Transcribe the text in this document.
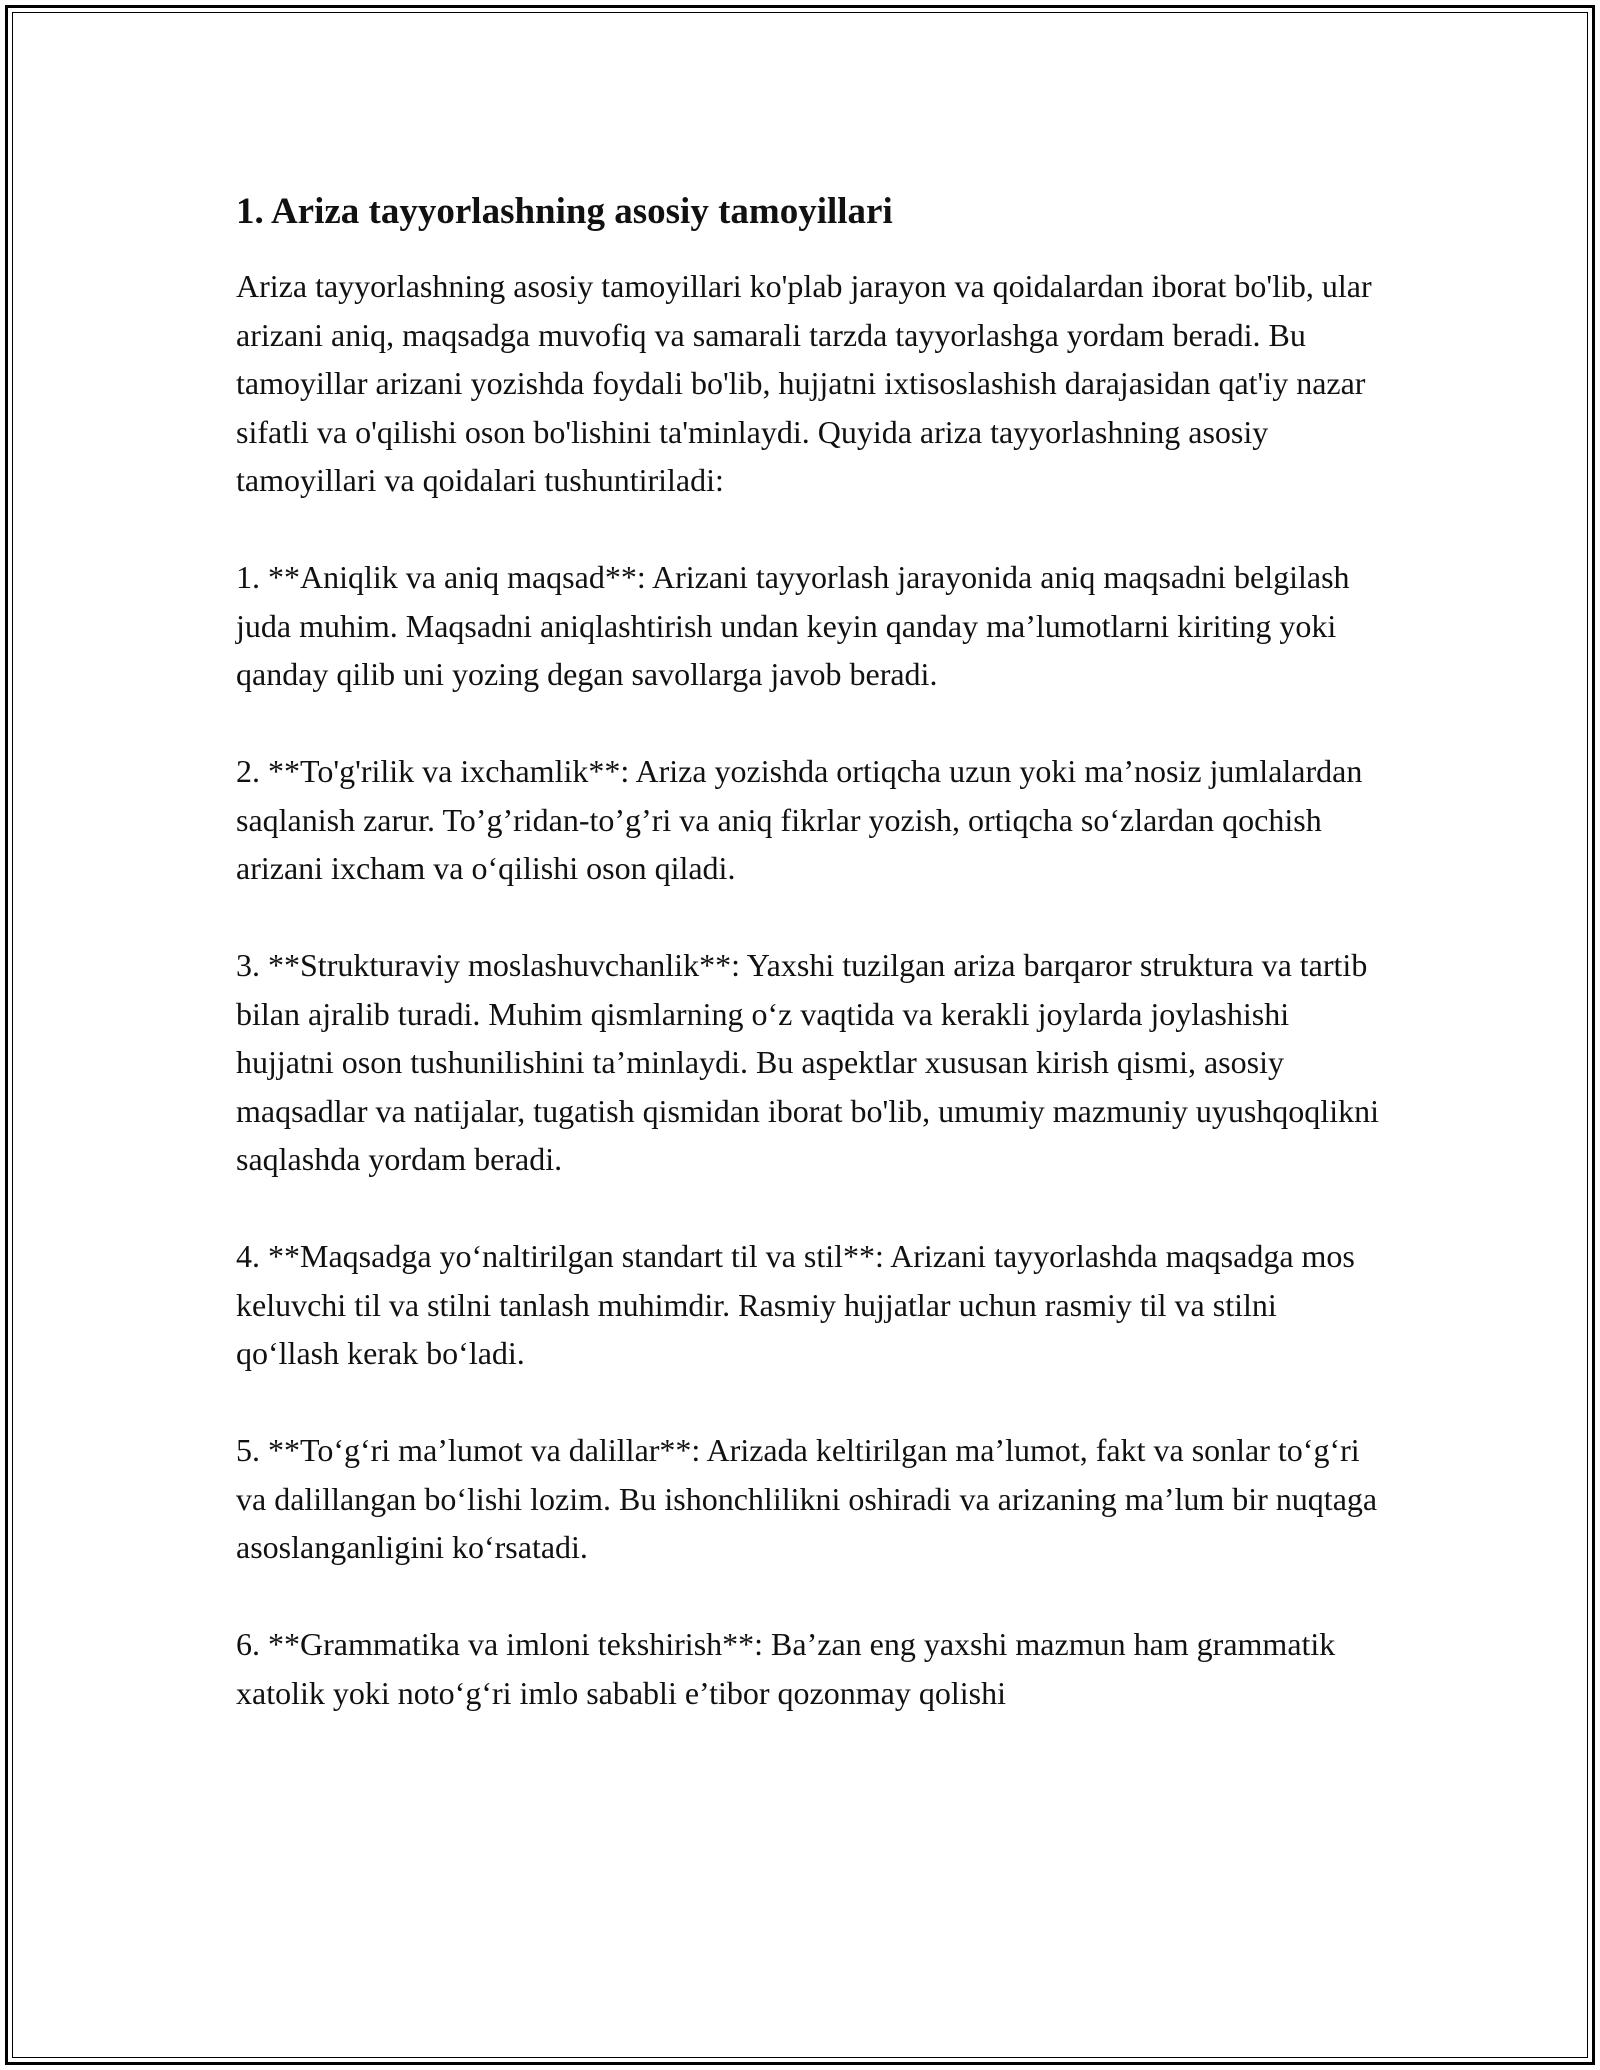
1. Ariza tayyorlashning asosiy tamoyillari

Ariza tayyorlashning asosiy tamoyillari ko'plab jarayon va qoidalardan iborat bo'lib, ular arizani aniq, maqsadga muvofiq va samarali tarzda tayyorlashga yordam beradi. Bu tamoyillar arizani yozishda foydali bo'lib, hujjatni ixtisoslashish darajasidan qat'iy nazar sifatli va o'qilishi oson bo'lishini ta'minlaydi. Quyida ariza tayyorlashning asosiy tamoyillari va qoidalari tushuntiriladi:

1. **Aniqlik va aniq maqsad**: Arizani tayyorlash jarayonida aniq maqsadni belgilash juda muhim. Maqsadni aniqlashtirish undan keyin qanday ma’lumotlarni kiriting yoki qanday qilib uni yozing degan savollarga javob beradi.

2. **To'g'rilik va ixchamlik**: Ariza yozishda ortiqcha uzun yoki ma’nosiz jumlalardan saqlanish zarur. To’g’ridan-to’g’ri va aniq fikrlar yozish, ortiqcha so‘zlardan qochish arizani ixcham va o‘qilishi oson qiladi.

3. **Strukturaviy moslashuvchanlik**: Yaxshi tuzilgan ariza barqaror struktura va tartib bilan ajralib turadi. Muhim qismlarning o‘z vaqtida va kerakli joylarda joylashishi hujjatni oson tushunilishini ta’minlaydi. Bu aspektlar xususan kirish qismi, asosiy maqsadlar va natijalar, tugatish qismidan iborat bo'lib, umumiy mazmuniy uyushqoqlikni saqlashda yordam beradi.

4. **Maqsadga yo‘naltirilgan standart til va stil**: Arizani tayyorlashda maqsadga mos keluvchi til va stilni tanlash muhimdir. Rasmiy hujjatlar uchun rasmiy til va stilni qo‘llash kerak bo‘ladi.

5. **To‘g‘ri ma’lumot va dalillar**: Arizada keltirilgan ma’lumot, fakt va sonlar to‘g‘ri va dalillangan bo‘lishi lozim. Bu ishonchlilikni oshiradi va arizaning ma’lum bir nuqtaga asoslanganligini ko‘rsatadi.

6. **Grammatika va imloni tekshirish**: Ba’zan eng yaxshi mazmun ham grammatik xatolik yoki noto‘g‘ri imlo sababli e’tibor qozonmay qolishi
